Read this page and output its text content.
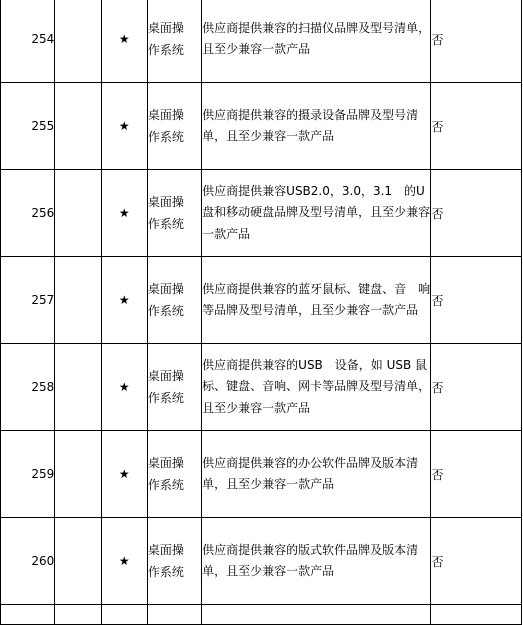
254		★	桌面操
作系统	供应商提供兼容的扫描仪品牌及型号清单，且至少兼容一款产品	否
255		★	桌面操
作系统	供应商提供兼容的摄录设备品牌及型号清单，且至少兼容一款产品	否
256		★	桌面操
作系统	供应商提供兼容USB2.0，3.0，3.1　的U盘和移动硬盘品牌及型号清单，且至少兼容一款产品	否
257		★	桌面操
作系统	供应商提供兼容的蓝牙鼠标、键盘、音　响等品牌及型号清单，且至少兼容一款产品	否
258		★	桌面操
作系统	供应商提供兼容的USB　设备，如 USB 鼠标、键盘、音响、网卡等品牌及型号清单，且至少兼容一款产品	否
259		★	桌面操
作系统	供应商提供兼容的办公软件品牌及版本清单，且至少兼容一款产品	否
260		★	桌面操
作系统	供应商提供兼容的版式软件品牌及版本清单，且至少兼容一款产品	否
